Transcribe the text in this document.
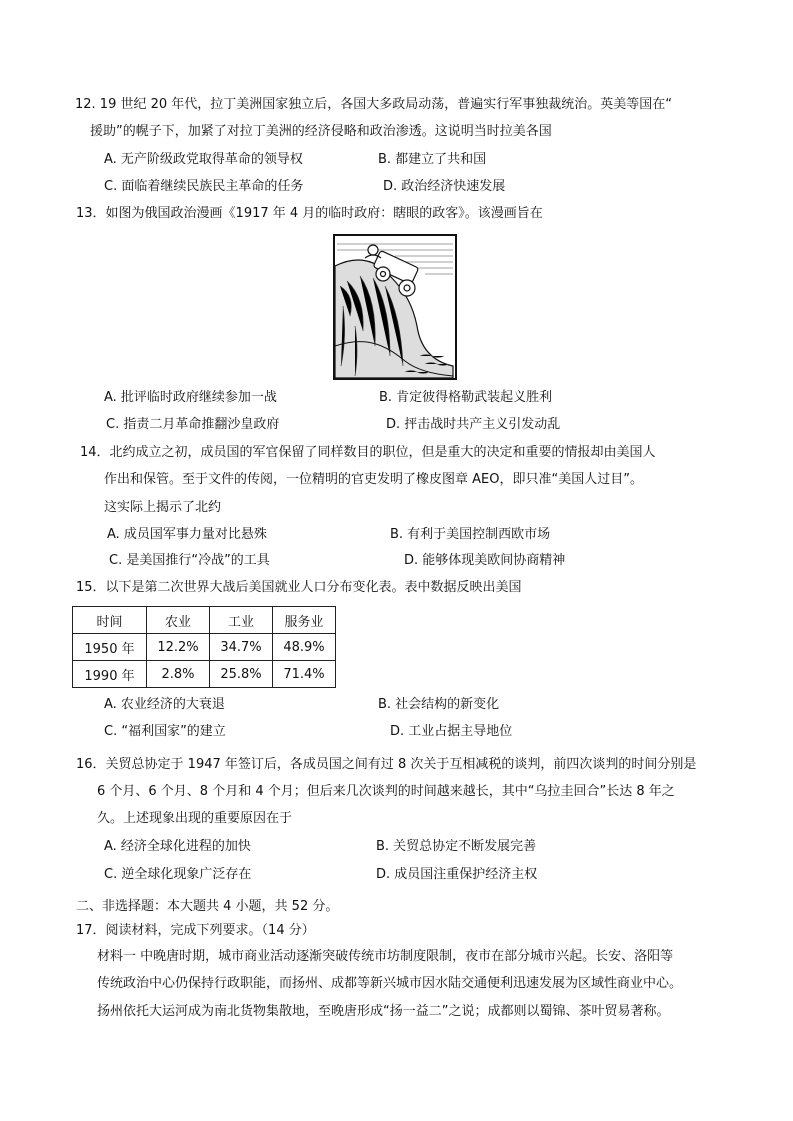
12. 19 世纪 20 年代，拉丁美洲国家独立后，各国大多政局动荡，普遍实行军事独裁统治。英美等国在“
援助”的幌子下，加紧了对拉丁美洲的经济侵略和政治渗透。这说明当时拉美各国
A. 无产阶级政党取得革命的领导权	B. 都建立了共和国
C. 面临着继续民族民主革命的任务	D. 政治经济快速发展
13．如图为俄国政治漫画《1917 年 4 月的临时政府：瞎眼的政客》。该漫画旨在
A. 批评临时政府继续参加一战	B. 肯定彼得格勒武装起义胜利
C. 指责二月革命推翻沙皇政府	D. 抨击战时共产主义引发动乱
14．北约成立之初，成员国的军官保留了同样数目的职位，但是重大的决定和重要的情报却由美国人
作出和保管。至于文件的传阅，一位精明的官吏发明了橡皮图章 AEO，即只准“美国人过目”。
这实际上揭示了北约
A. 成员国军事力量对比悬殊	B. 有利于美国控制西欧市场
C. 是美国推行“冷战”的工具	D. 能够体现美欧间协商精神
15．以下是第二次世界大战后美国就业人口分布变化表。表中数据反映出美国
时间	农业	工业	服务业
1950 年	12.2%	34.7%	48.9%
1990 年	2.8%	25.8%	71.4%
A. 农业经济的大衰退	B. 社会结构的新变化
C. “福利国家”的建立	D. 工业占据主导地位
16．关贸总协定于 1947 年签订后，各成员国之间有过 8 次关于互相减税的谈判，前四次谈判的时间分别是
6 个月、6 个月、8 个月和 4 个月；但后来几次谈判的时间越来越长，其中“乌拉圭回合”长达 8 年之
久。上述现象出现的重要原因在于
A. 经济全球化进程的加快	B. 关贸总协定不断发展完善
C. 逆全球化现象广泛存在	D. 成员国注重保护经济主权
二、非选择题：本大题共 4 小题，共 52 分。
17．阅读材料，完成下列要求。（14 分）
材料一 中晚唐时期，城市商业活动逐渐突破传统市坊制度限制，夜市在部分城市兴起。长安、洛阳等
传统政治中心仍保持行政职能，而扬州、成都等新兴城市因水陆交通便利迅速发展为区域性商业中心。
扬州依托大运河成为南北货物集散地，至晚唐形成“扬一益二”之说；成都则以蜀锦、茶叶贸易著称。
